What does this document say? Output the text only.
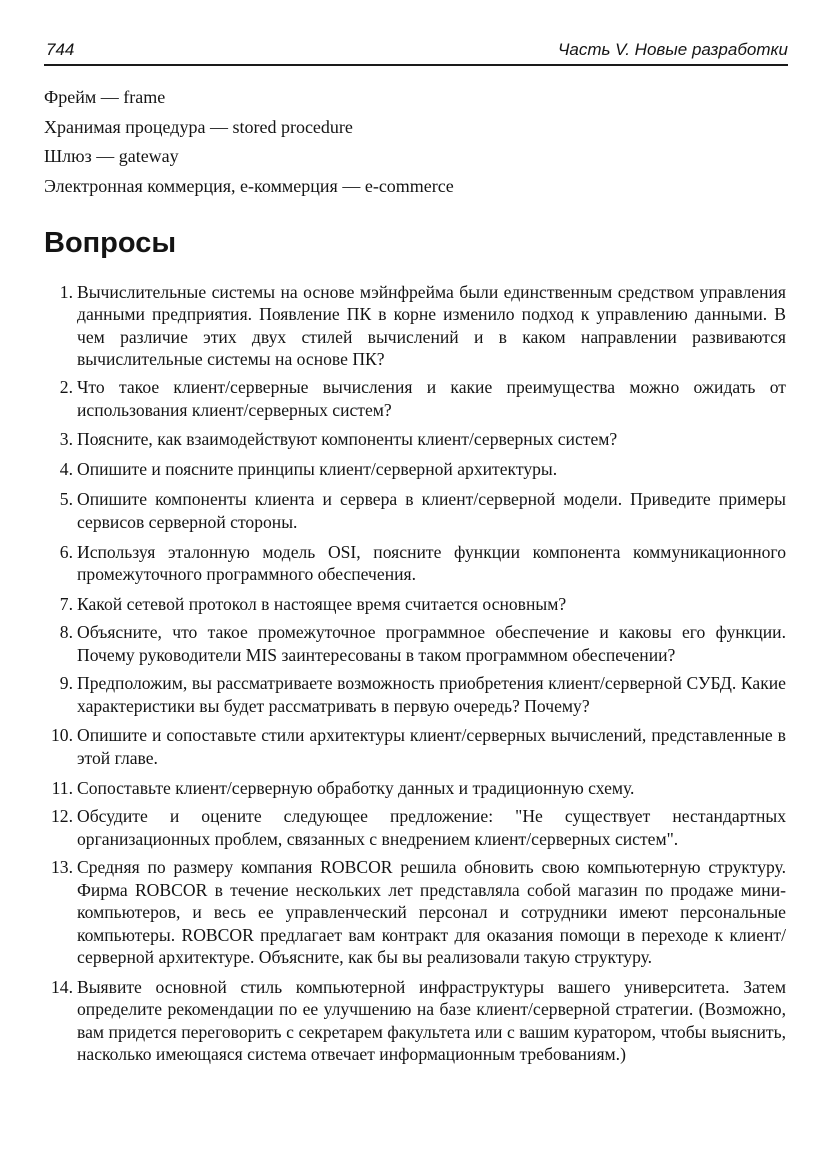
744	Часть V. Новые разработки
Фрейм — frame
Хранимая процедура — stored procedure
Шлюз — gateway
Электронная коммерция, е-коммерция — e-commerce
Вопросы
1. Вычислительные системы на основе мэйнфрейма были единственным средством управления данными предприятия. Появление ПК в корне изменило подход к управлению данными. В чем различие этих двух стилей вычислений и в каком направлении развиваются вычислительные системы на основе ПК?
2. Что такое клиент/серверные вычисления и какие преимущества можно ожидать от использования клиент/серверных систем?
3. Поясните, как взаимодействуют компоненты клиент/серверных систем?
4. Опишите и поясните принципы клиент/серверной архитектуры.
5. Опишите компоненты клиента и сервера в клиент/серверной модели. Приведите примеры сервисов серверной стороны.
6. Используя эталонную модель OSI, поясните функции компонента коммуникационного промежуточного программного обеспечения.
7. Какой сетевой протокол в настоящее время считается основным?
8. Объясните, что такое промежуточное программное обеспечение и каковы его функции. Почему руководители MIS заинтересованы в таком программном обеспечении?
9. Предположим, вы рассматриваете возможность приобретения клиент/серверной СУБД. Какие характеристики вы будет рассматривать в первую очередь? Почему?
10. Опишите и сопоставьте стили архитектуры клиент/серверных вычислений, представленные в этой главе.
11. Сопоставьте клиент/серверную обработку данных и традиционную схему.
12. Обсудите и оцените следующее предложение: "Не существует нестандартных организационных проблем, связанных с внедрением клиент/серверных систем".
13. Средняя по размеру компания ROBCOR решила обновить свою компьютерную структуру. Фирма ROBCOR в течение нескольких лет представляла собой магазин по продаже мини-компьютеров, и весь ее управленческий персонал и сотрудники имеют персональные компьютеры. ROBCOR предлагает вам контракт для оказания помощи в переходе к клиент/серверной архитектуре. Объясните, как бы вы реализовали такую структуру.
14. Выявите основной стиль компьютерной инфраструктуры вашего университета. Затем определите рекомендации по ее улучшению на базе клиент/серверной стратегии. (Возможно, вам придется переговорить с секретарем факультета или с вашим куратором, чтобы выяснить, насколько имеющаяся система отвечает информационным требованиям.)
